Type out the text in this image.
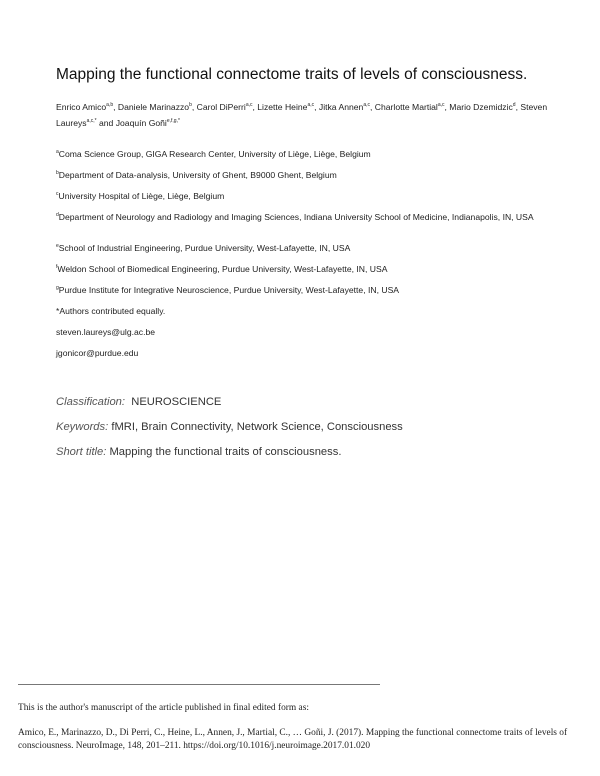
Mapping the functional connectome traits of levels of consciousness.
Enrico Amico$^{a,b}$, Daniele Marinazzo$^b$, Carol DiPerri$^{a,c}$, Lizette Heine$^{a,c}$, Jitka Annen$^{a,c}$, Charlotte Martial$^{a,c}$, Mario Dzemidzic$^d$, Steven Laureys$^{a,c,*}$ and Joaquín Goñi$^{e,f,g,*}$

$^a$Coma Science Group, GIGA Research Center, University of Liège, Liège, Belgium

$^b$Department of Data-analysis, University of Ghent, B9000 Ghent, Belgium

$^c$University Hospital of Liège, Liège, Belgium

$^d$Department of Neurology and Radiology and Imaging Sciences, Indiana University School of Medicine, Indianapolis, IN, USA

$^e$School of Industrial Engineering, Purdue University, West-Lafayette, IN, USA

$^f$Weldon School of Biomedical Engineering, Purdue University, West-Lafayette, IN, USA

$^g$Purdue Institute for Integrative Neuroscience, Purdue University, West-Lafayette, IN, USA

*Authors contributed equally.

steven.laureys@ulg.ac.be

jgonicor@purdue.edu

Classification: NEUROSCIENCE
Keywords: fMRI, Brain Connectivity, Network Science, Consciousness
Short title: Mapping the functional traits of consciousness.
This is the author's manuscript of the article published in final edited form as:
Amico, E., Marinazzo, D., Di Perri, C., Heine, L., Annen, J., Martial, C., … Goñi, J. (2017). Mapping the functional connectome traits of levels of consciousness. NeuroImage, 148, 201–211. https://doi.org/10.1016/j.neuroimage.2017.01.020
